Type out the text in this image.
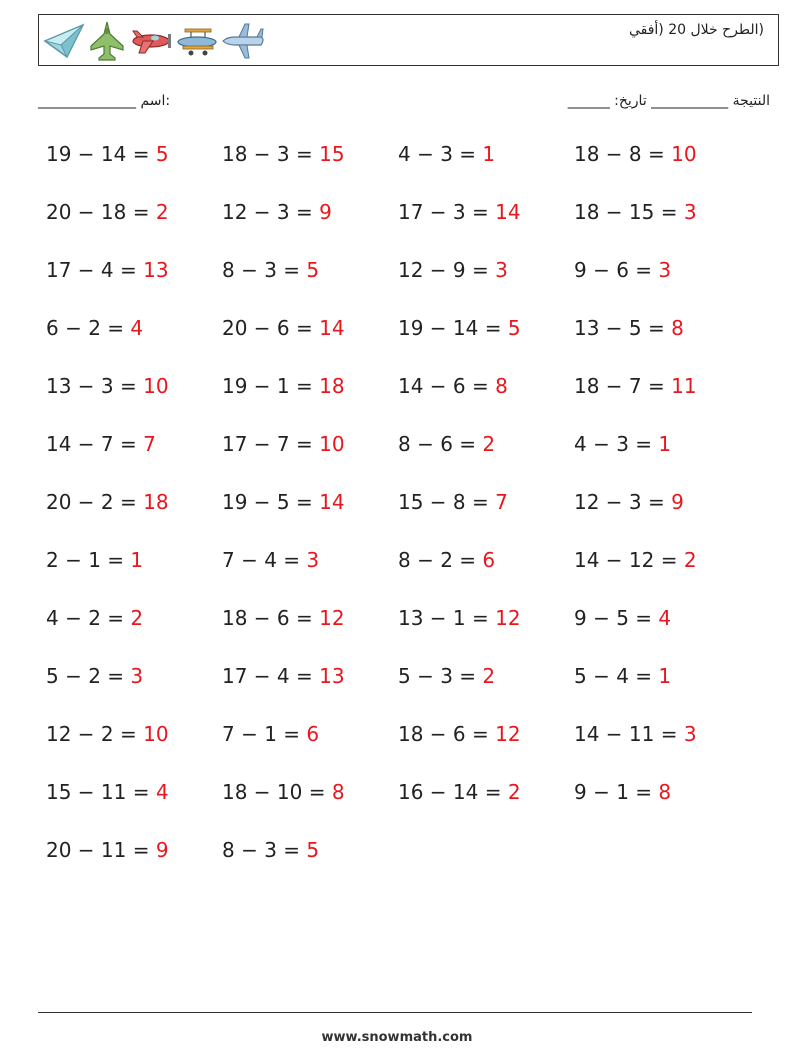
(الطرح خلال 20 (أفقي
______________ اسم:	النتيجة ___________ تاريخ: ______
19 − 14 = 5	18 − 3 = 15	4 − 3 = 1	18 − 8 = 10
20 − 18 = 2	12 − 3 = 9	17 − 3 = 14	18 − 15 = 3
17 − 4 = 13	8 − 3 = 5	12 − 9 = 3	9 − 6 = 3
6 − 2 = 4	20 − 6 = 14	19 − 14 = 5	13 − 5 = 8
13 − 3 = 10	19 − 1 = 18	14 − 6 = 8	18 − 7 = 11
14 − 7 = 7	17 − 7 = 10	8 − 6 = 2	4 − 3 = 1
20 − 2 = 18	19 − 5 = 14	15 − 8 = 7	12 − 3 = 9
2 − 1 = 1	7 − 4 = 3	8 − 2 = 6	14 − 12 = 2
4 − 2 = 2	18 − 6 = 12	13 − 1 = 12	9 − 5 = 4
5 − 2 = 3	17 − 4 = 13	5 − 3 = 2	5 − 4 = 1
12 − 2 = 10	7 − 1 = 6	18 − 6 = 12	14 − 11 = 3
15 − 11 = 4	18 − 10 = 8	16 − 14 = 2	9 − 1 = 8
20 − 11 = 9	8 − 3 = 5
www.snowmath.com
